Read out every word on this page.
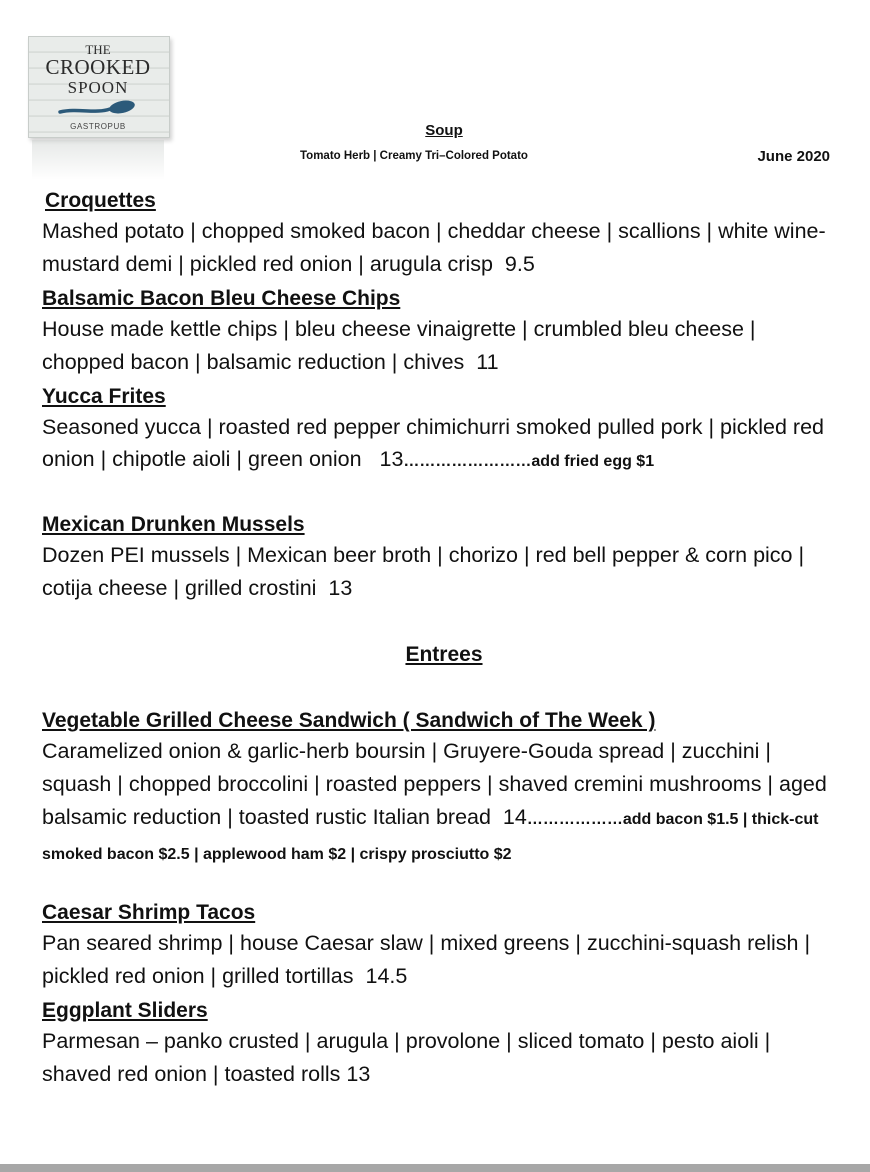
THE
CROOKED
SPOON
GASTROPUB	Soup
Tomato Herb | Creamy Tri–Colored Potato	June 2020
Croquettes

Mashed potato | chopped smoked bacon | cheddar cheese | scallions | white wine-mustard demi | pickled red onion | arugula crisp 9.5

Balsamic Bacon Bleu Cheese Chips

House made kettle chips | bleu cheese vinaigrette | crumbled bleu cheese | chopped bacon | balsamic reduction | chives 11

Yucca Frites

Seasoned yucca | roasted red pepper chimichurri smoked pulled pork | pickled red onion | chipotle aioli | green onion 13……………………add fried egg $1

Mexican Drunken Mussels

Dozen PEI mussels | Mexican beer broth | chorizo | red bell pepper & corn pico | cotija cheese | grilled crostini 13

Entrees
Vegetable Grilled Cheese Sandwich ( Sandwich of The Week )

Caramelized onion & garlic-herb boursin | Gruyere-Gouda spread | zucchini | squash | chopped broccolini | roasted peppers | shaved cremini mushrooms | aged balsamic reduction | toasted rustic Italian bread 14………………add bacon $1.5 | thick-cut smoked bacon $2.5 | applewood ham $2 | crispy prosciutto $2

Caesar Shrimp Tacos

Pan seared shrimp | house Caesar slaw | mixed greens | zucchini-squash relish | pickled red onion | grilled tortillas 14.5

Eggplant Sliders

Parmesan – panko crusted | arugula | provolone | sliced tomato | pesto aioli | shaved red onion | toasted rolls 13
